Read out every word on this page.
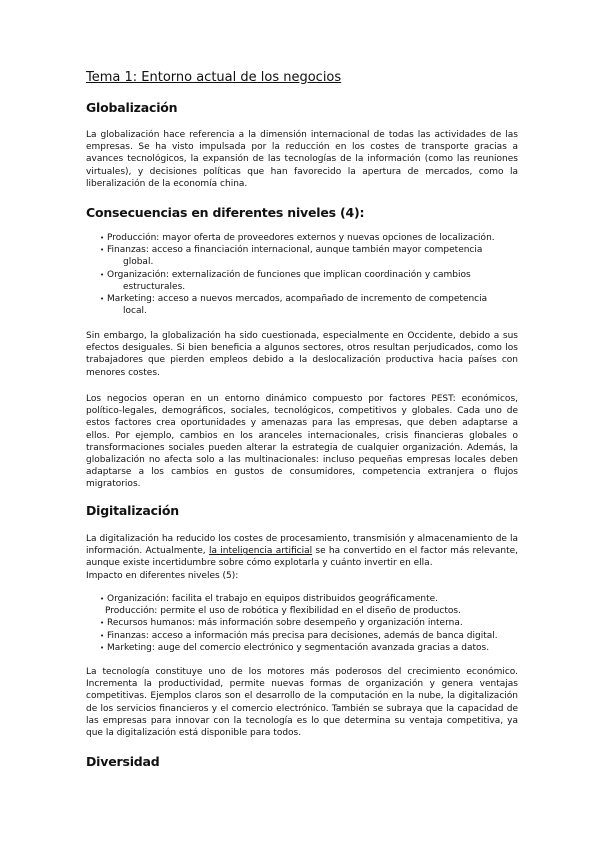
Tema 1: Entorno actual de los negocios
Globalización

La globalización hace referencia a la dimensión internacional de todas las actividades de las empresas. Se ha visto impulsada por la reducción en los costes de transporte gracias a avances tecnológicos, la expansión de las tecnologías de la información (como las reuniones virtuales), y decisiones políticas que han favorecido la apertura de mercados, como la liberalización de la economía china.

Consecuencias en diferentes niveles (4):
• Producción: mayor oferta de proveedores externos y nuevas opciones de localización.
• Finanzas: acceso a financiación internacional, aunque también mayor competencia
global.
• Organización: externalización de funciones que implican coordinación y cambios
estructurales.
• Marketing: acceso a nuevos mercados, acompañado de incremento de competencia
local.

Sin embargo, la globalización ha sido cuestionada, especialmente en Occidente, debido a sus efectos desiguales. Si bien beneficia a algunos sectores, otros resultan perjudicados, como los trabajadores que pierden empleos debido a la deslocalización productiva hacia países con menores costes.

Los negocios operan en un entorno dinámico compuesto por factores PEST: económicos, político-legales, demográficos, sociales, tecnológicos, competitivos y globales. Cada uno de estos factores crea oportunidades y amenazas para las empresas, que deben adaptarse a ellos. Por ejemplo, cambios en los aranceles internacionales, crisis financieras globales o transformaciones sociales pueden alterar la estrategia de cualquier organización. Además, la globalización no afecta solo a las multinacionales: incluso pequeñas empresas locales deben adaptarse a los cambios en gustos de consumidores, competencia extranjera o flujos migratorios.

Digitalización

La digitalización ha reducido los costes de procesamiento, transmisión y almacenamiento de la información. Actualmente, la inteligencia artificial se ha convertido en el factor más relevante, aunque existe incertidumbre sobre cómo explotarla y cuánto invertir en ella.

Impacto en diferentes niveles (5):

• Organización: facilita el trabajo en equipos distribuidos geográficamente.
Producción: permite el uso de robótica y flexibilidad en el diseño de productos.
• Recursos humanos: más información sobre desempeño y organización interna.
• Finanzas: acceso a información más precisa para decisiones, además de banca digital.
• Marketing: auge del comercio electrónico y segmentación avanzada gracias a datos.

La tecnología constituye uno de los motores más poderosos del crecimiento económico. Incrementa la productividad, permite nuevas formas de organización y genera ventajas competitivas. Ejemplos claros son el desarrollo de la computación en la nube, la digitalización de los servicios financieros y el comercio electrónico. También se subraya que la capacidad de las empresas para innovar con la tecnología es lo que determina su ventaja competitiva, ya que la digitalización está disponible para todos.

Diversidad
